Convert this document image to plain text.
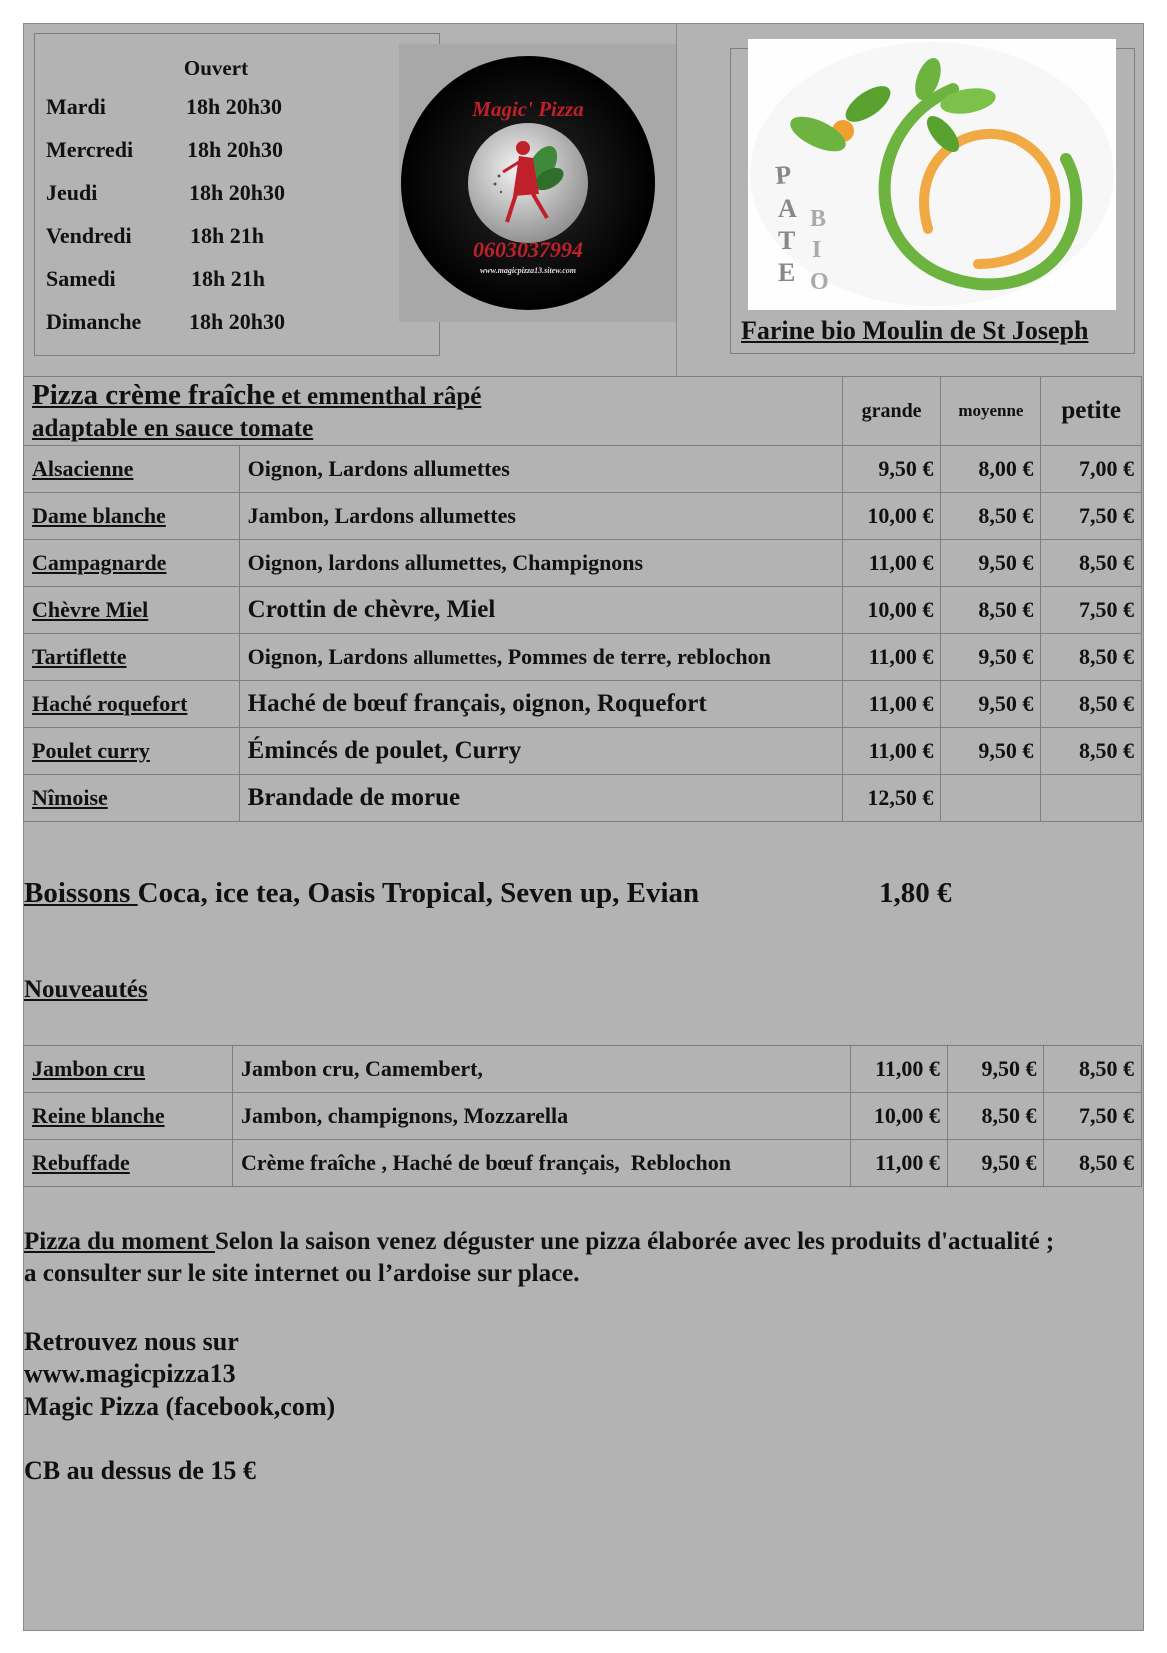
Ouvert
Mardi	18h 20h30
Mercredi 18h 20h30
Jeudi	18h 20h30
Vendredi	18h 21h
Samedi	18h 21h
Dimanche 18h 20h30
Magic' Pizza
0603037994
www.magicpizza13.sitew.com
P
A
T
E
B
I
O
Farine bio Moulin de St Joseph
Pizza crème fraîche et emmenthal râpé
adaptable en sauce tomate		grande	moyenne	petite
Alsacienne	Oignon, Lardons allumettes	9,50 €	8,00 €	7,00 €
Dame blanche	Jambon, Lardons allumettes	10,00 €	8,50 €	7,50 €
Campagnarde	Oignon, lardons allumettes, Champignons	11,00 €	9,50 €	8,50 €
Chèvre Miel	Crottin de chèvre, Miel	10,00 €	8,50 €	7,50 €
Tartiflette	Oignon, Lardons allumettes, Pommes de terre, reblochon	11,00 €	9,50 €	8,50 €
Haché roquefort	Haché de bœuf français, oignon, Roquefort	11,00 €	9,50 €	8,50 €
Poulet curry	Émincés de poulet, Curry	11,00 €	9,50 €	8,50 €
Nîmoise	Brandade de morue	12,50 €		
Boissons Coca, ice tea, Oasis Tropical, Seven up, Evian	1,80 €
Nouveautés
Jambon cru	Jambon cru, Camembert,	11,00 €	9,50 €	8,50 €
Reine blanche	Jambon, champignons, Mozzarella	10,00 €	8,50 €	7,50 €
Rebuffade	Crème fraîche , Haché de bœuf français,  Reblochon	11,00 €	9,50 €	8,50 €
Pizza du moment Selon la saison venez déguster une pizza élaborée avec les produits d'actualité ; a consulter sur le site internet ou l’ardoise sur place.
Retrouvez nous sur
www.magicpizza13
Magic Pizza (facebook,com)
CB au dessus de 15 €
